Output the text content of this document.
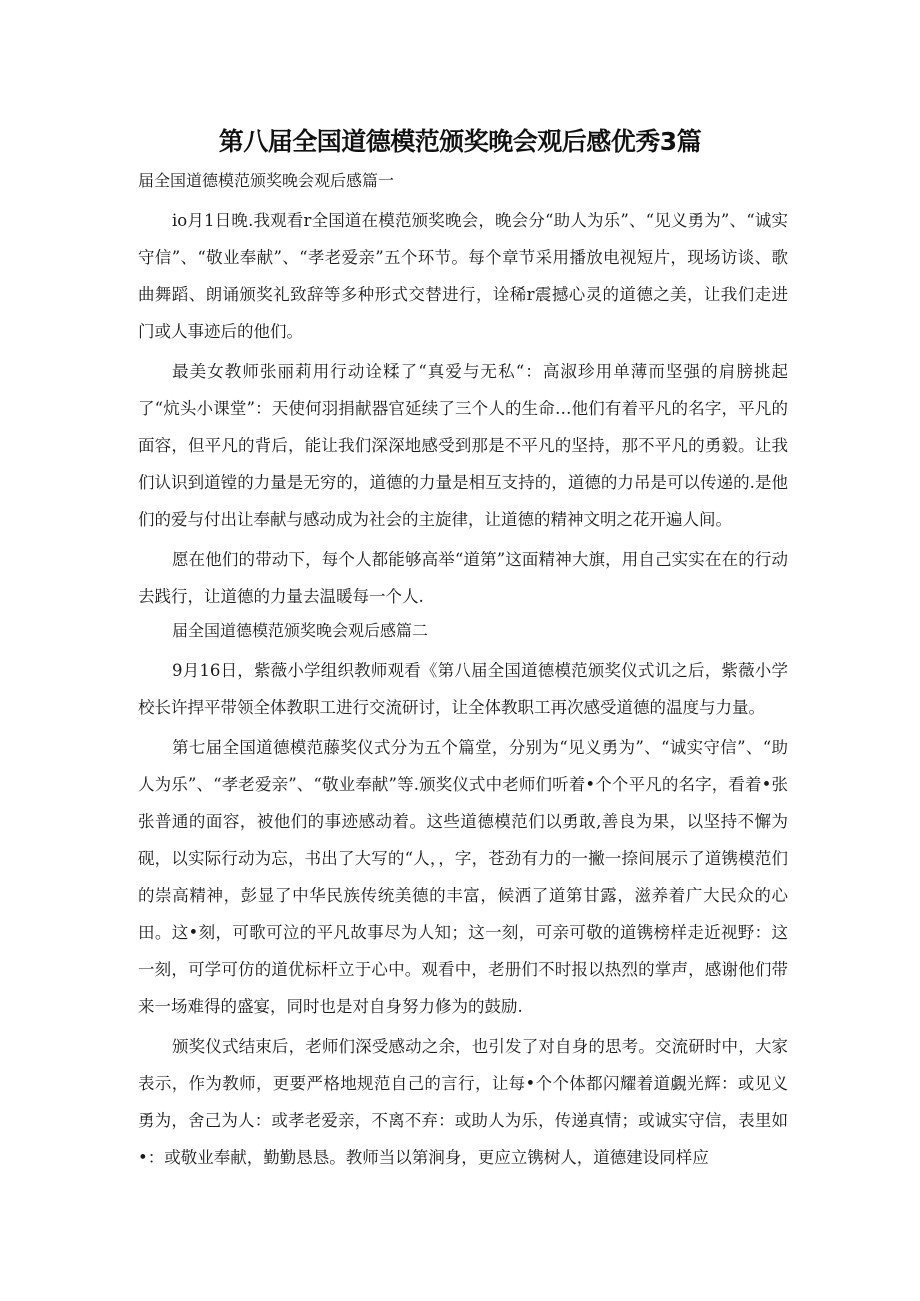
第八届全国道德模范颁奖晚会观后感优秀3篇

届全国道德模范颁奖晚会观后感篇一

io月1日晚.我观看r全国道在模范颁奖晚会，晚会分“助人为乐”、“见义勇为”、“诚实守信”、“敬业奉献”、“孝老爱亲”五个环节。每个章节采用播放电视短片，现场访谈、歌曲舞蹈、朗诵颁奖礼致辞等多种形式交替进行，诠稀r震撼心灵的道德之美，让我们走进门或人事迹后的他们。

最美女教师张丽莉用行动诠糅了“真爱与无私“：高淑珍用单薄而坚强的肩膀挑起了“炕头小课堂”：天使何羽捐献器官延续了三个人的生命…他们有着平凡的名字，平凡的面容，但平凡的背后，能让我们深深地感受到那是不平凡的坚持，那不平凡的勇毅。让我们认识到道镗的力量是无穷的，道德的力量是相互支持的，道德的力吊是可以传递的.是他们的爱与付出让奉献与感动成为社会的主旋律，让道德的精神文明之花开遍人间。

愿在他们的带动下，每个人都能够高举“道第”这面精神大旗，用自己实实在在的行动去践行，让道德的力量去温暖每一个人.

届全国道德模范颁奖晚会观后感篇二

9月16日，紫薇小学组织教师观看《第八届全国道德模范颁奖仪式讥之后，紫薇小学校长许捍平带领全体教职工进行交流研讨，让全体教职工再次感受道德的温度与力量。

第七届全国道德模范藤奖仪式分为五个篇堂，分别为“见义勇为”、“诚实守信”、“助人为乐”、“孝老爱亲”、“敬业奉献”等.颁奖仪式中老师们听着•个个平凡的名字，看着•张张普通的面容，被他们的事迹感动着。这些道德模范们以勇敢,善良为果，以坚持不懈为砚，以实际行动为忘，书出了大写的“人，，字，苍劲有力的一撇一捺间展示了道镌模范们的崇高精神，彭显了中华民族传统美德的丰富，候洒了道第甘露，滋养着广大民众的心田。这•刻，可歌可泣的平凡故事尽为人知；这一刻，可亲可敬的道镌榜样走近视野：这一刻，可学可仿的道优标杆立于心中。观看中，老册们不时报以热烈的掌声，感谢他们带来一场难得的盛宴，同时也是对自身努力修为的鼓励.

颁奖仪式结束后，老师们深受感动之余，也引发了对自身的思考。交流研时中，大家表示，作为教师，更要严格地规范自己的言行，让每•个个体都闪耀着道覷光辉：或见义勇为，舍己为人：或孝老爱亲，不离不弃：或助人为乐，传递真情；或诚实守信，表里如•：或敬业奉献，勤勤恳恳。教师当以第涧身，更应立镌树人，道德建设同样应
